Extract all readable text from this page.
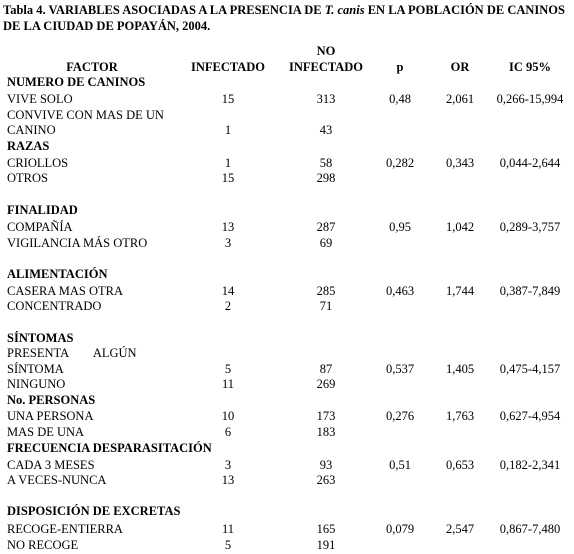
Tabla 4. VARIABLES ASOCIADAS A LA PRESENCIA DE T. canis EN LA POBLACIÓN DE CANINOS DE LA CIUDAD DE POPAYÁN, 2004.
NO
FACTOR	INFECTADO	INFECTADO	p	OR	IC 95%
NUMERO DE CANINOS
VIVE SOLO	15	313	0,48	2,061	0,266-15,994
CONVIVE CON MAS DE UN
CANINO	1	43
RAZAS
CRIOLLOS	1	58	0,282	0,343	0,044-2,644
OTROS	15	298
FINALIDAD
COMPAÑÍA	13	287	0,95	1,042	0,289-3,757
VIGILANCIA MÁS OTRO	3	69
ALIMENTACIÓN
CASERA MAS OTRA	14	285	0,463	1,744	0,387-7,849
CONCENTRADO	2	71
SÍNTOMAS
PRESENTA        ALGÚN
SÍNTOMA	5	87	0,537	1,405	0,475-4,157
NINGUNO	11	269
No. PERSONAS
UNA PERSONA	10	173	0,276	1,763	0,627-4,954
MAS DE UNA	6	183
FRECUENCIA DESPARASITACIÓN
CADA 3 MESES	3	93	0,51	0,653	0,182-2,341
A VECES-NUNCA	13	263
DISPOSICIÓN DE EXCRETAS
RECOGE-ENTIERRA	11	165	0,079	2,547	0,867-7,480
NO RECOGE	5	191
